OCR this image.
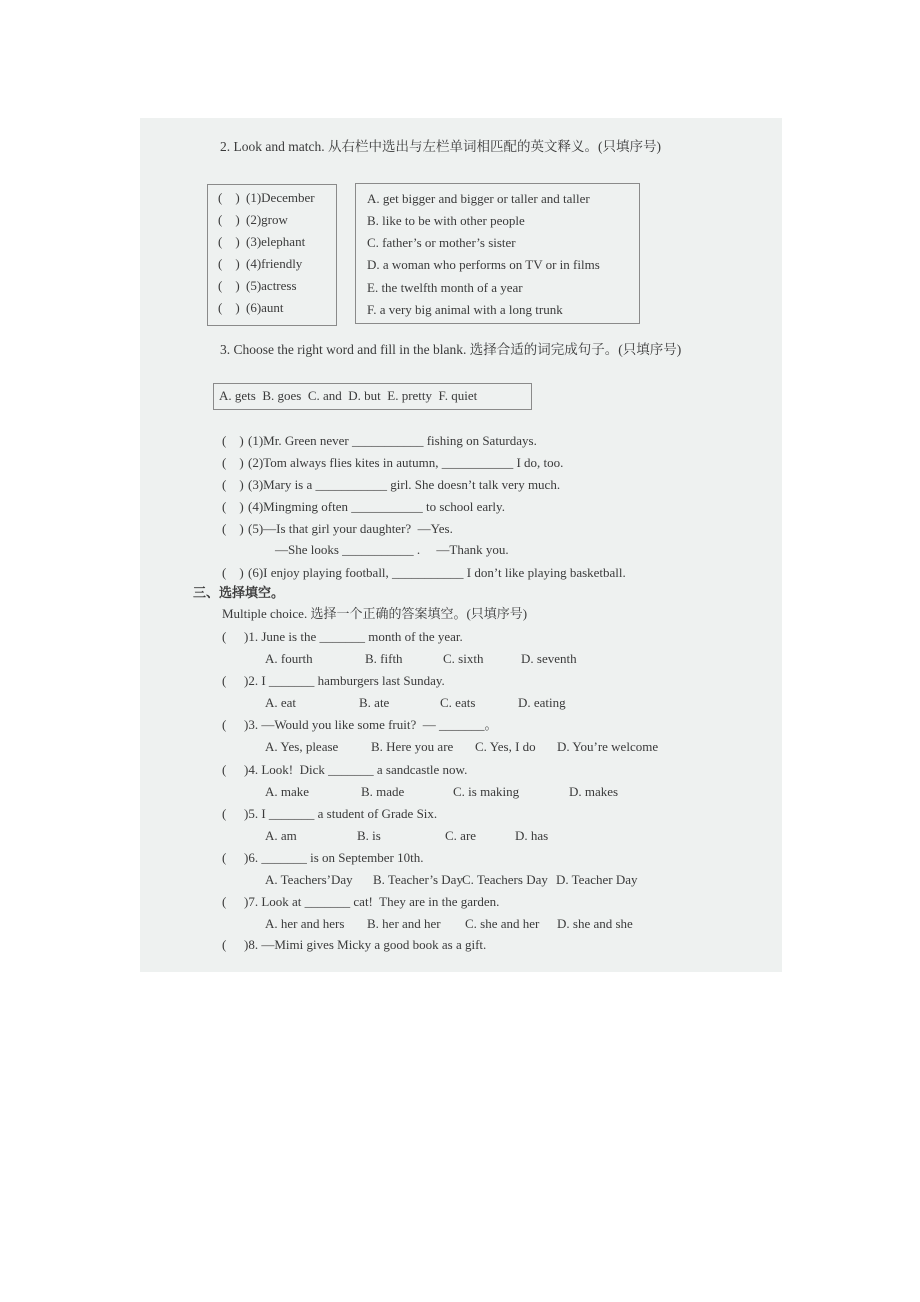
2. Look and match. 从右栏中选出与左栏单词相匹配的英文释义。(只填序号)
3. Choose the right word and fill in the blank. 选择合适的词完成句子。(只填序号)
A. gets  B. goes  C. and  D. but  E. pretty  F. quiet
—She looks ___________ .     —Thank you.
三、选择填空。
Multiple choice. 选择一个正确的答案填空。(只填序号)
(    ) (1)December
(    ) (2)grow
(    ) (3)elephant
(    ) (4)friendly
(    ) (5)actress
(    ) (6)aunt
A. get bigger and bigger or taller and taller
B. like to be with other people
C. father’s or mother’s sister
D. a woman who performs on TV or in films
E. the twelfth month of a year
F. a very big animal with a long trunk
(    ) (1)Mr. Green never ___________ fishing on Saturdays.
(    ) (2)Tom always flies kites in autumn, ___________ I do, too.
(    ) (3)Mary is a ___________ girl. She doesn’t talk very much.
(    ) (4)Mingming often ___________ to school early.
(    ) (5)—Is that girl your daughter?  —Yes.
(    ) (6)I enjoy playing football, ___________ I don’t like playing basketball.
( )1. June is the _______ month of the year.
A. fourth	B. fifth	C. sixth	D. seventh
( )2. I _______ hamburgers last Sunday.
A. eat	B. ate	C. eats	D. eating
( )3. —Would you like some fruit?  — _______。
A. Yes, please	B. Here you are C. Yes, I do D. You’re welcome
( )4. Look!  Dick _______ a sandcastle now.
A. make	B. made	C. is making	D. makes
( )5. I _______ a student of Grade Six.
A. am	B. is	C. are	D. has
( )6. _______ is on September 10th.
A. Teachers’Day B. Teacher’s Day C. Teachers Day D. Teacher Day
( )7. Look at _______ cat!  They are in the garden.
A. her and hers B. her and her C. she and her D. she and she
( )8. —Mimi gives Micky a good book as a gift.
